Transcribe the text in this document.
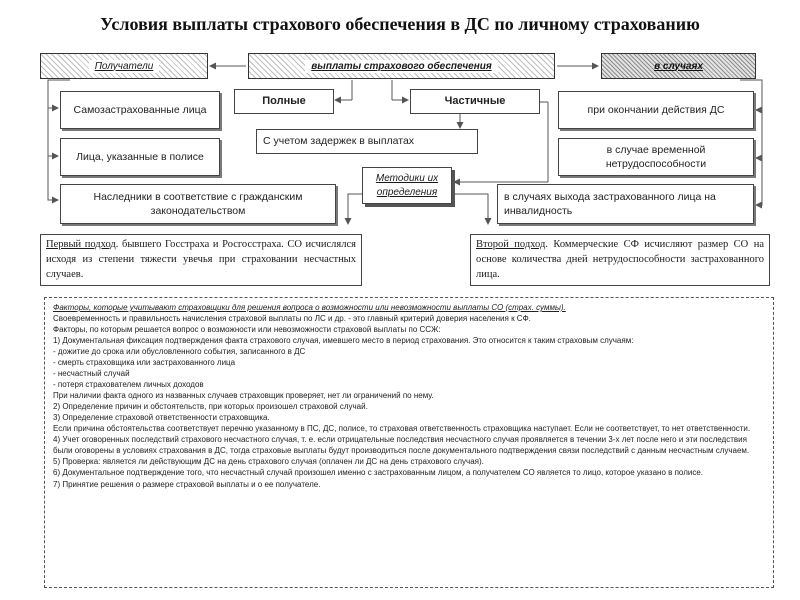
Условия выплаты страхового обеспечения в ДС по личному страхованию
Получатели	выплаты страхового обеспечения	в случаях
Самозастрахованные лица
Лица, указанные в полисе
Наследники в соответствие с гражданским законодательством
Полные	Частичные
С учетом задержек в выплатах
при окончании действия ДС
в случае временной нетрудоспособности
в случаях выхода застрахованного лица на инвалидность
Методики их определения
Первый подход. бывшего Госстраха и Росгосстраха. СО исчислялся исходя из степени тяжести увечья при страховании несчастных случаев.
Второй подход. Коммерческие СФ исчисляют размер СО на основе количества дней нетрудоспособности застрахованного лица.
Факторы, которые учитывают страховщики для решения вопроса о возможности или невозможности выплаты СО (страх. суммы).
Своевременность и правильность начисления страховой выплаты по ЛС и др. - это главный критерий доверия населения к СФ.
Факторы, по которым решается вопрос о возможности или невозможности страховой выплаты по ССЖ:
1) Документальная фиксация подтверждения факта страхового случая, имевшего место в период страхования. Это относится к таким страховым случаям:
- дожитие до срока или обусловленного события, записанного в ДС
- смерть страховщика или застрахованного лица
- несчастный случай
- потеря страхователем личных доходов
При наличии факта одного из названных случаев страховщик проверяет, нет ли ограничений по нему.
2) Определение причин и обстоятельств, при которых произошел страховой случай.
3) Определение страховой ответственности страховщика.
Если причина обстоятельства соответствует перечню указанному в ПС, ДС, полисе, то страховая ответственность страховщика наступает. Если не соответствует, то нет ответственности.
4) Учет оговоренных последствий страхового несчастного случая, т. е. если отрицательные последствия несчастного случая проявляется в течении 3-х лет после него и эти последствия были оговорены в условиях страхования в ДС, тогда страховые выплаты будут производиться после документального подтверждения связи последствий с данным несчастным случаем.
5) Проверка: является ли действующим ДС на день страхового случая (оплачен ли ДС на день страхового случая).
6) Документальное подтверждение того, что несчастный случай произошел именно с застрахованным лицом, а получателем СО является то лицо, которое указано в полисе.
7) Принятие решения о размере страховой выплаты и о ее получателе.
